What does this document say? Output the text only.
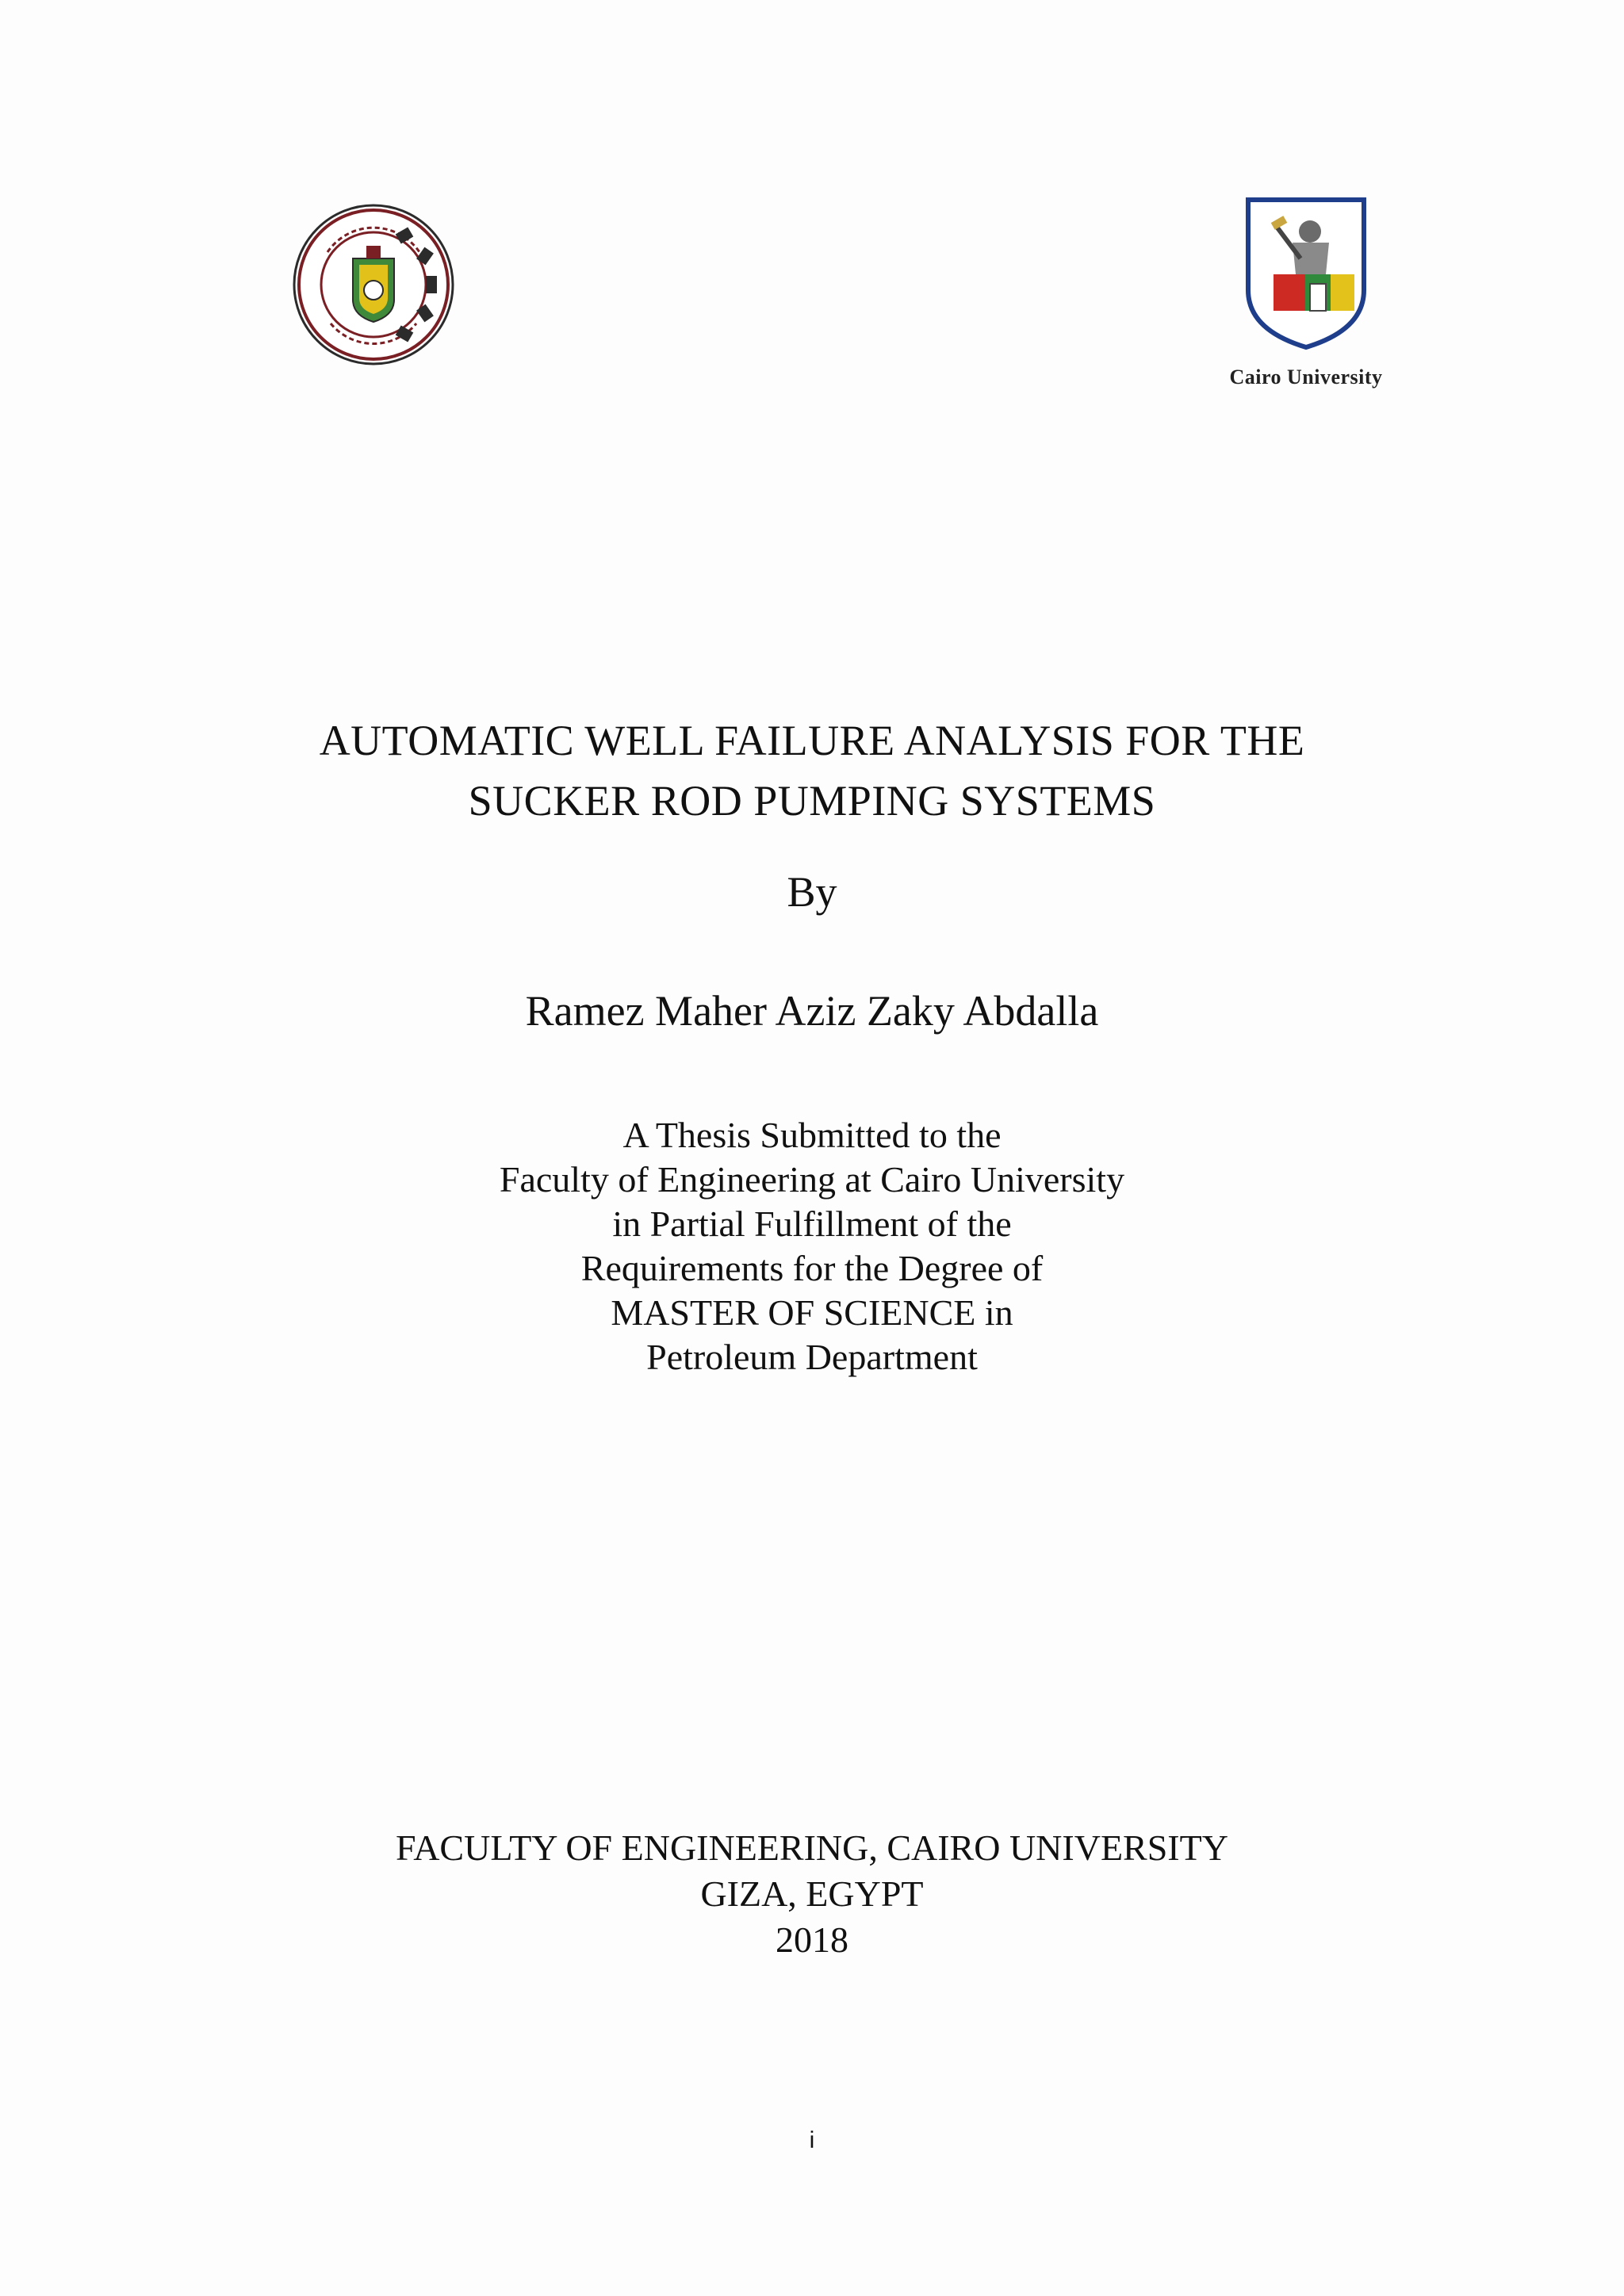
Cairo University
AUTOMATIC WELL FAILURE ANALYSIS FOR THE
SUCKER ROD PUMPING SYSTEMS
By
Ramez Maher Aziz Zaky Abdalla
A Thesis Submitted to the
Faculty of Engineering at Cairo University
in Partial Fulfillment of the
Requirements for the Degree of
MASTER OF SCIENCE in
Petroleum Department
FACULTY OF ENGINEERING, CAIRO UNIVERSITY
GIZA, EGYPT
2018
i
